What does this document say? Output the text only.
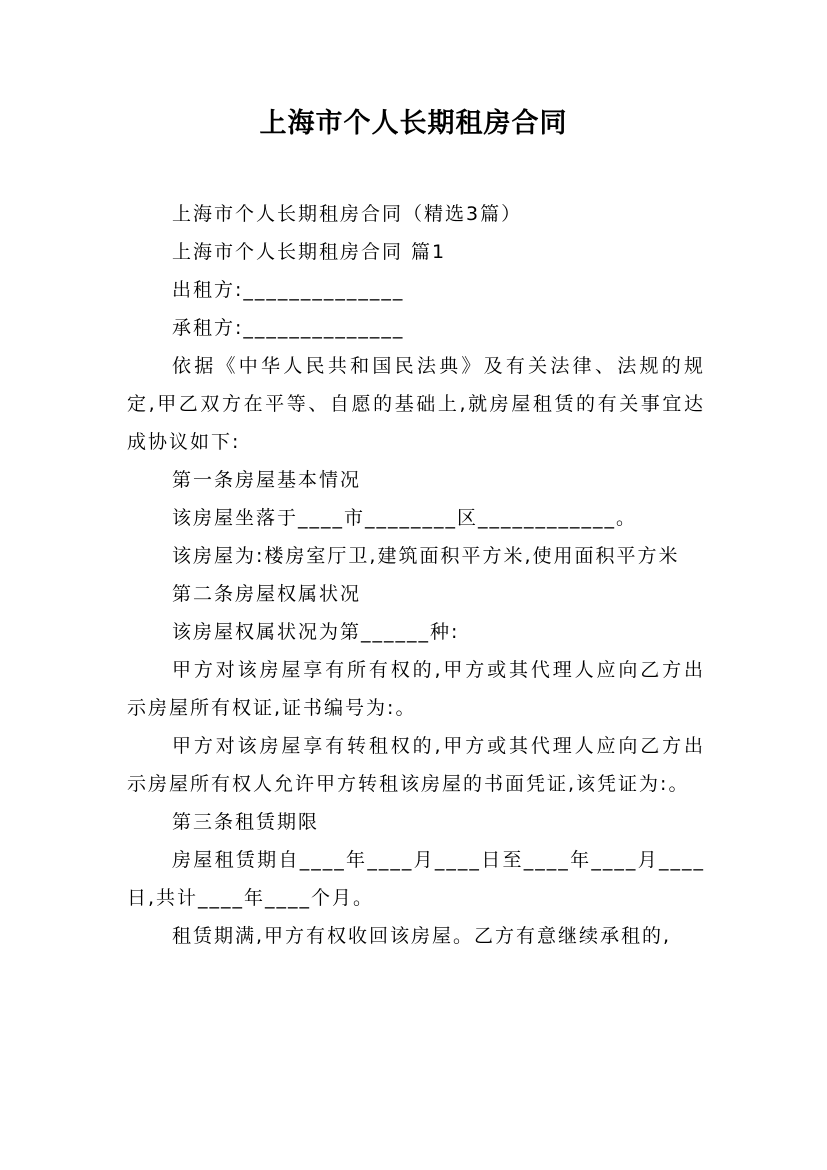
上海市个人长期租房合同

上海市个人长期租房合同（精选3篇）

上海市个人长期租房合同 篇1

出租方:______________

承租方:______________

依据《中华人民共和国民法典》及有关法律、法规的规定,甲乙双方在平等、自愿的基础上,就房屋租赁的有关事宜达成协议如下:

第一条房屋基本情况

该房屋坐落于____市________区____________。

该房屋为:楼房室厅卫,建筑面积平方米,使用面积平方米

第二条房屋权属状况

该房屋权属状况为第______种:

甲方对该房屋享有所有权的,甲方或其代理人应向乙方出示房屋所有权证,证书编号为:。

甲方对该房屋享有转租权的,甲方或其代理人应向乙方出示房屋所有权人允许甲方转租该房屋的书面凭证,该凭证为:。

第三条租赁期限

房屋租赁期自____年____月____日至____年____月____日,共计____年____个月。

租赁期满,甲方有权收回该房屋。乙方有意继续承租的,
